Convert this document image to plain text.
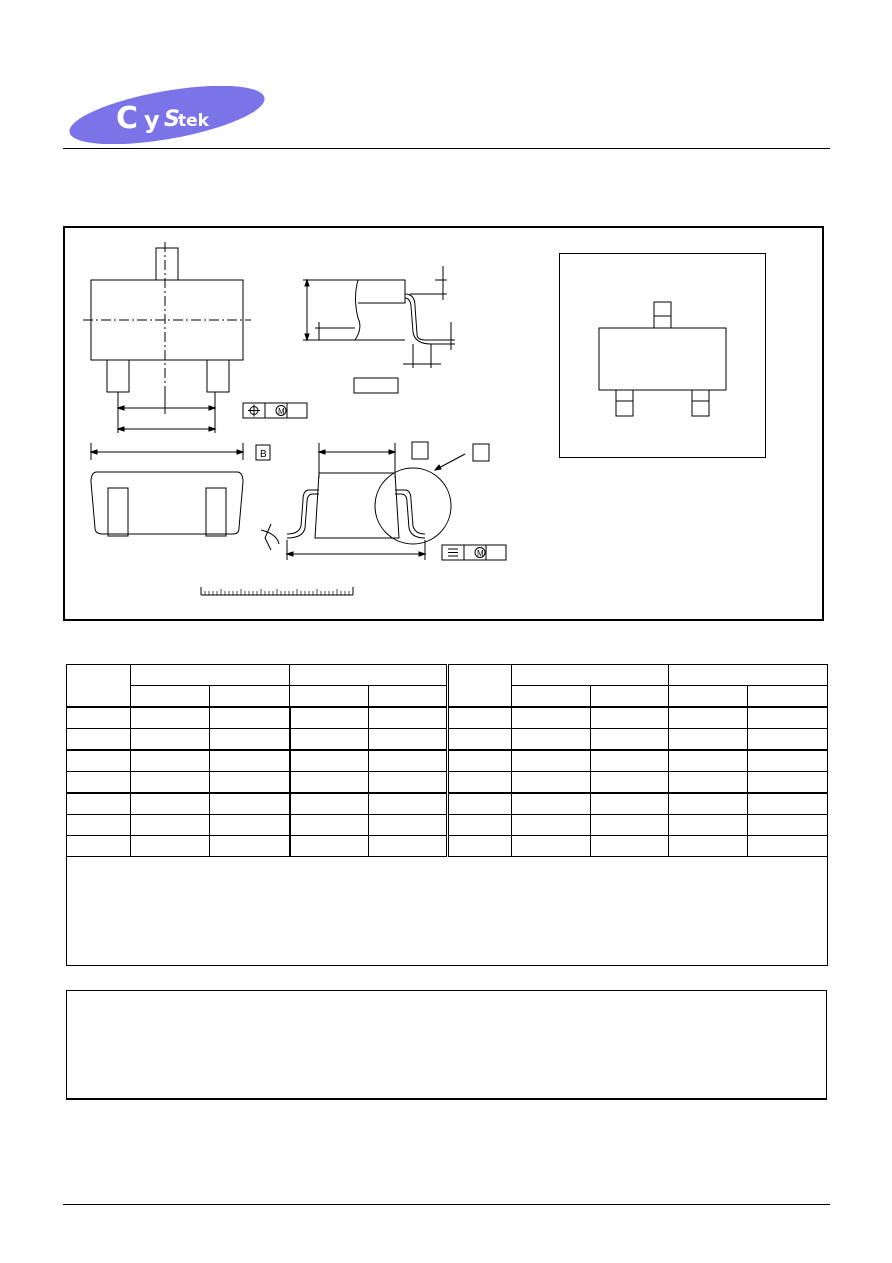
C y S
tek
M
M
B
